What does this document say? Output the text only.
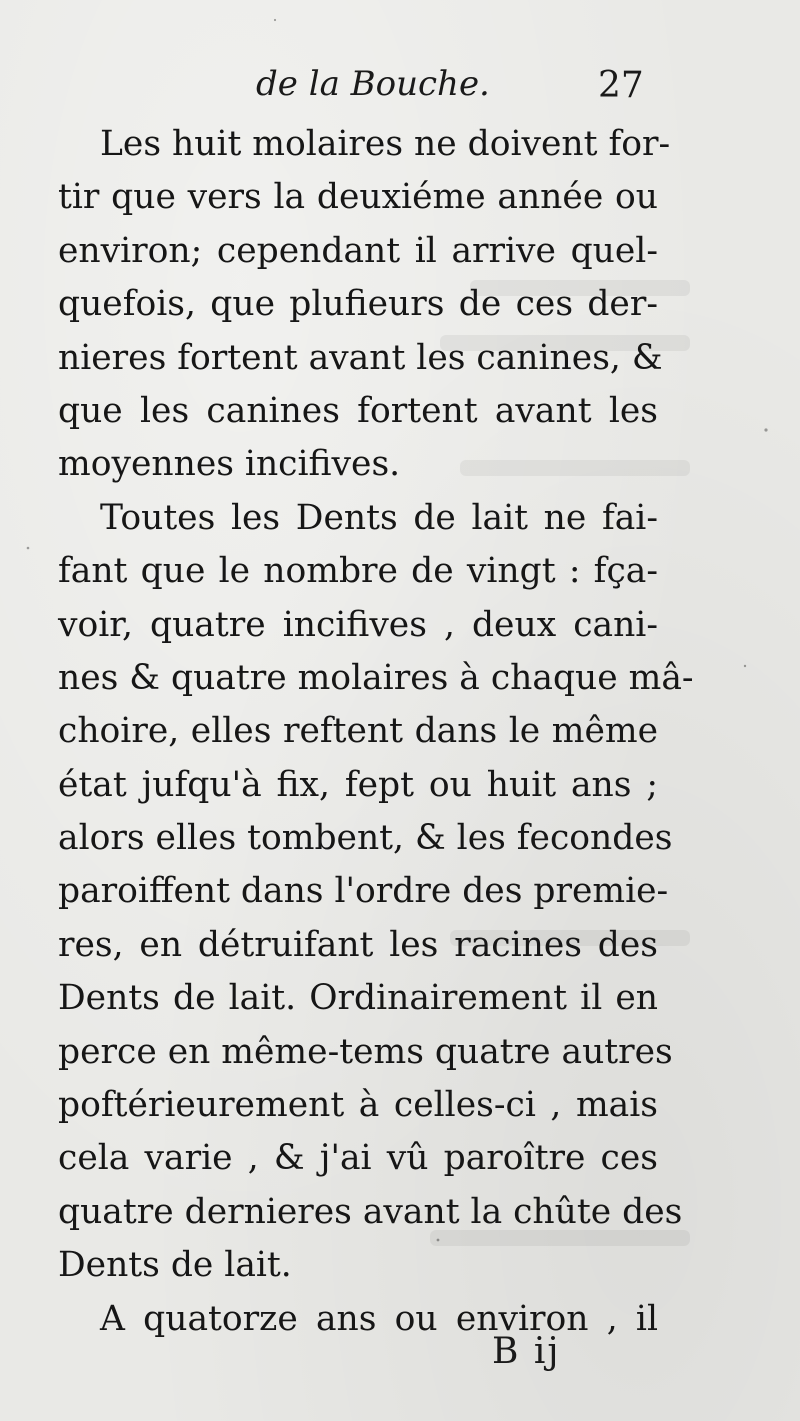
de la Bouche.	27
Les huit molaires ne doivent for-
tir que vers la deuxiéme année ou
environ; cependant il arrive quel-
quefois, que plufieurs de ces der-
nieres fortent avant les canines, &
que les canines fortent avant les
moyennes incifives.
Toutes les Dents de lait ne fai-
fant que le nombre de vingt : fça-
voir, quatre incifives , deux cani-
nes & quatre molaires à chaque mâ-
choire, elles reftent dans le même
état jufqu'à fix, fept ou huit ans ;
alors elles tombent, & les fecondes
paroiffent dans l'ordre des premie-
res, en détruifant les racines des
Dents de lait. Ordinairement il en
perce en même-tems quatre autres
poftérieurement à celles-ci , mais
cela varie , & j'ai vû paroître ces
quatre dernieres avant la chûte des
Dents de lait.
A quatorze ans ou environ , il
B ij
